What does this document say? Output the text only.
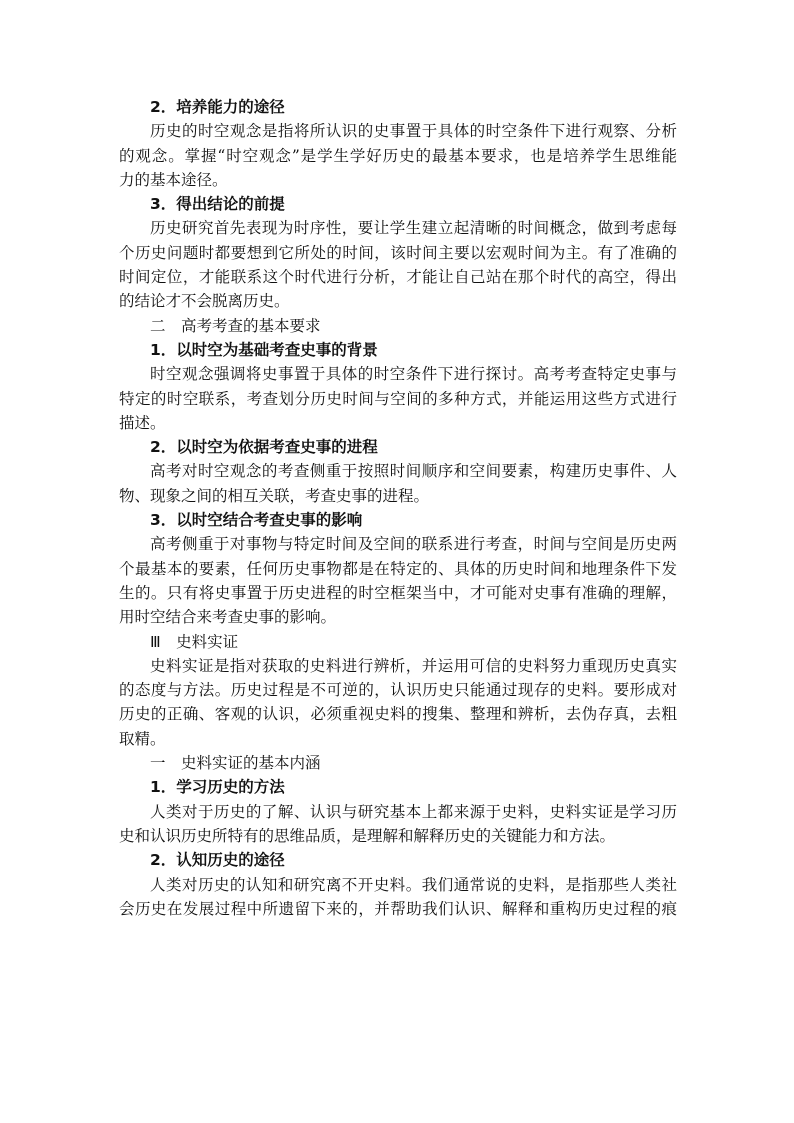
2．培养能力的途径
历史的时空观念是指将所认识的史事置于具体的时空条件下进行观察、分析
的观念。掌握“时空观念”是学生学好历史的最基本要求，也是培养学生思维能
力的基本途径。
3．得出结论的前提
历史研究首先表现为时序性，要让学生建立起清晰的时间概念，做到考虑每
个历史问题时都要想到它所处的时间，该时间主要以宏观时间为主。有了准确的
时间定位，才能联系这个时代进行分析，才能让自己站在那个时代的高空，得出
的结论才不会脱离历史。
二　高考考查的基本要求
1．以时空为基础考查史事的背景
时空观念强调将史事置于具体的时空条件下进行探讨。高考考查特定史事与
特定的时空联系，考查划分历史时间与空间的多种方式，并能运用这些方式进行
描述。
2．以时空为依据考查史事的进程
高考对时空观念的考查侧重于按照时间顺序和空间要素，构建历史事件、人
物、现象之间的相互关联，考查史事的进程。
3．以时空结合考查史事的影响
高考侧重于对事物与特定时间及空间的联系进行考查，时间与空间是历史两
个最基本的要素，任何历史事物都是在特定的、具体的历史时间和地理条件下发
生的。只有将史事置于历史进程的时空框架当中，才可能对史事有准确的理解，
用时空结合来考查史事的影响。
Ⅲ　史料实证
史料实证是指对获取的史料进行辨析，并运用可信的史料努力重现历史真实
的态度与方法。历史过程是不可逆的，认识历史只能通过现存的史料。要形成对
历史的正确、客观的认识，必须重视史料的搜集、整理和辨析，去伪存真，去粗
取精。
一　史料实证的基本内涵
1．学习历史的方法
人类对于历史的了解、认识与研究基本上都来源于史料，史料实证是学习历
史和认识历史所特有的思维品质，是理解和解释历史的关键能力和方法。
2．认知历史的途径
人类对历史的认知和研究离不开史料。我们通常说的史料，是指那些人类社
会历史在发展过程中所遗留下来的，并帮助我们认识、解释和重构历史过程的痕
